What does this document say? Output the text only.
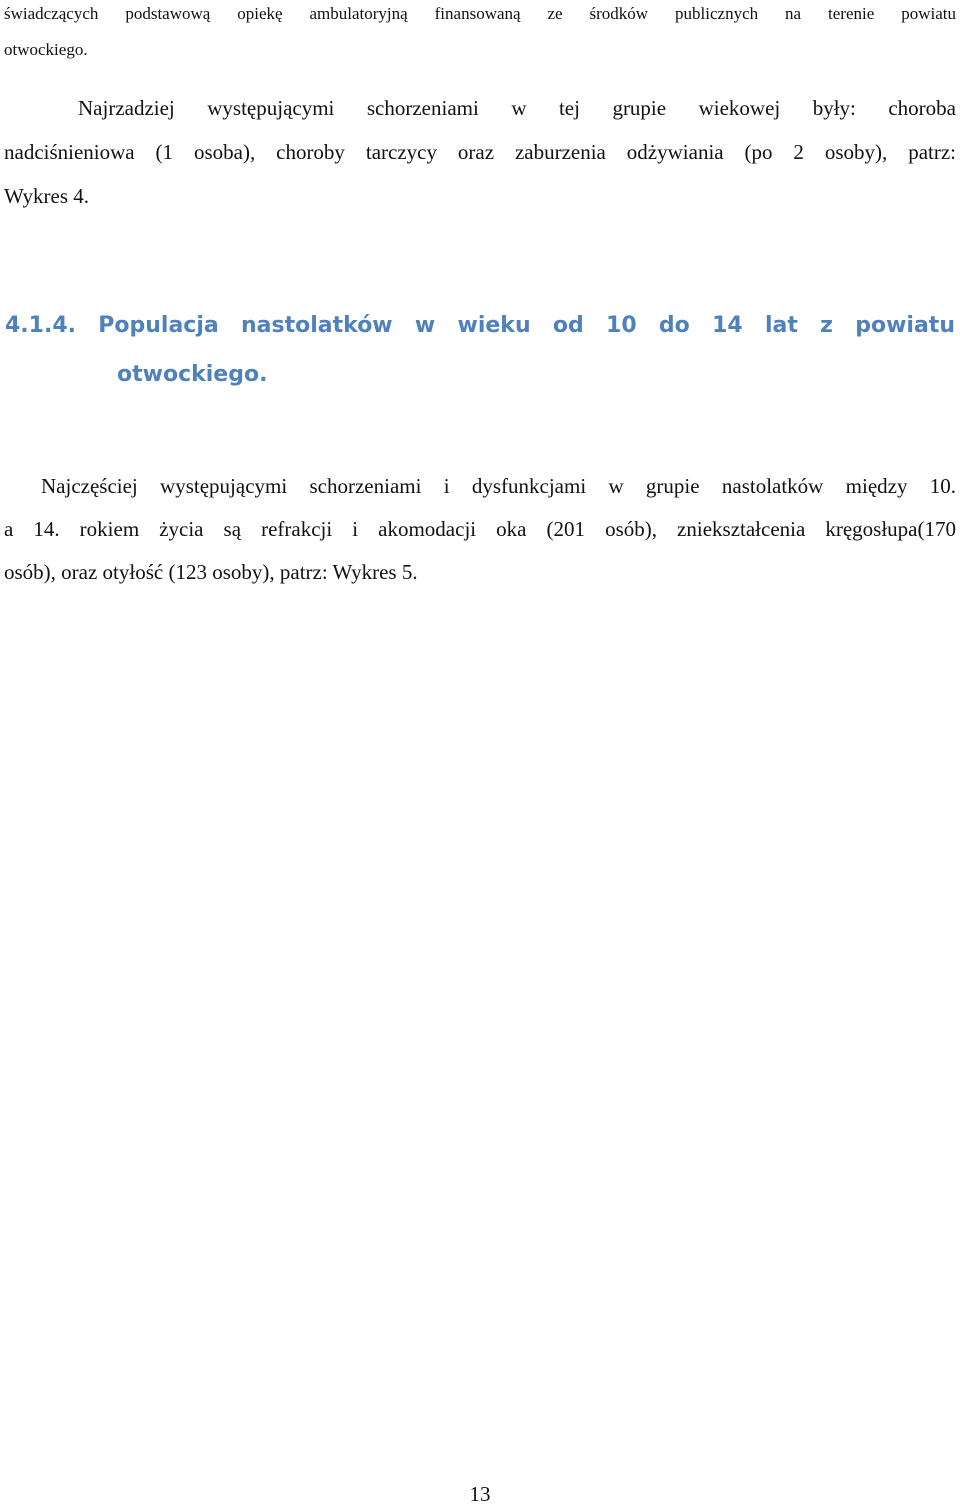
świadczących podstawową opiekę ambulatoryjną finansowaną ze środków publicznych na terenie powiatu

otwockiego.

Najrzadziej występującymi schorzeniami w tej grupie wiekowej były: choroba

nadciśnieniowa (1 osoba), choroby tarczycy oraz zaburzenia odżywiania (po 2 osoby), patrz:

Wykres 4.

4.1.4. Populacja nastolatków w wieku od 10 do 14 lat z powiatu
otwockiego.

Najczęściej występującymi schorzeniami i dysfunkcjami w grupie nastolatków między 10.

a 14. rokiem życia są refrakcji i akomodacji oka (201 osób), zniekształcenia kręgosłupa(170

osób), oraz otyłość (123 osoby), patrz: Wykres 5.

13
